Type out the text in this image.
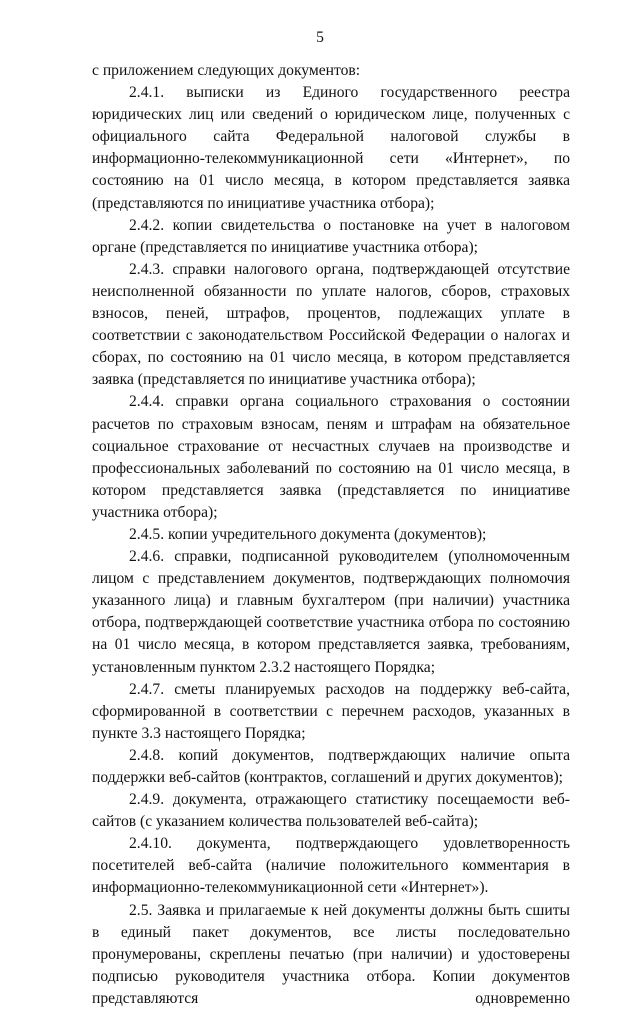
5

с приложением следующих документов:

2.4.1. выписки из Единого государственного реестра юридических лиц или сведений о юридическом лице, полученных с официального сайта Федеральной налоговой службы в информационно-телекоммуникационной сети «Интернет», по состоянию на 01 число месяца, в котором представляется заявка (представляются по инициативе участника отбора);

2.4.2. копии свидетельства о постановке на учет в налоговом органе (представляется по инициативе участника отбора);

2.4.3. справки налогового органа, подтверждающей отсутствие неисполненной обязанности по уплате налогов, сборов, страховых взносов, пеней, штрафов, процентов, подлежащих уплате в соответствии с законодательством Российской Федерации о налогах и сборах, по состоянию на 01 число месяца, в котором представляется заявка (представляется по инициативе участника отбора);

2.4.4. справки органа социального страхования о состоянии расчетов по страховым взносам, пеням и штрафам на обязательное социальное страхование от несчастных случаев на производстве и профессиональных заболеваний по состоянию на 01 число месяца, в котором представляется заявка (представляется по инициативе участника отбора);

2.4.5. копии учредительного документа (документов);

2.4.6. справки, подписанной руководителем (уполномоченным лицом с представлением документов, подтверждающих полномочия указанного лица) и главным бухгалтером (при наличии) участника отбора, подтверждающей соответствие участника отбора по состоянию на 01 число месяца, в котором представляется заявка, требованиям, установленным пунктом 2.3.2 настоящего Порядка;

2.4.7. сметы планируемых расходов на поддержку веб-сайта, сформированной в соответствии с перечнем расходов, указанных в пункте 3.3 настоящего Порядка;

2.4.8. копий документов, подтверждающих наличие опыта поддержки веб-сайтов (контрактов, соглашений и других документов);

2.4.9. документа, отражающего статистику посещаемости веб-сайтов (с указанием количества пользователей веб-сайта);

2.4.10. документа, подтверждающего удовлетворенность посетителей веб-сайта (наличие положительного комментария в информационно-телекоммуникационной сети «Интернет»).

2.5. Заявка и прилагаемые к ней документы должны быть сшиты в единый пакет документов, все листы последовательно пронумерованы, скреплены печатью (при наличии) и удостоверены подписью руководителя участника отбора. Копии документов представляются одновременно
